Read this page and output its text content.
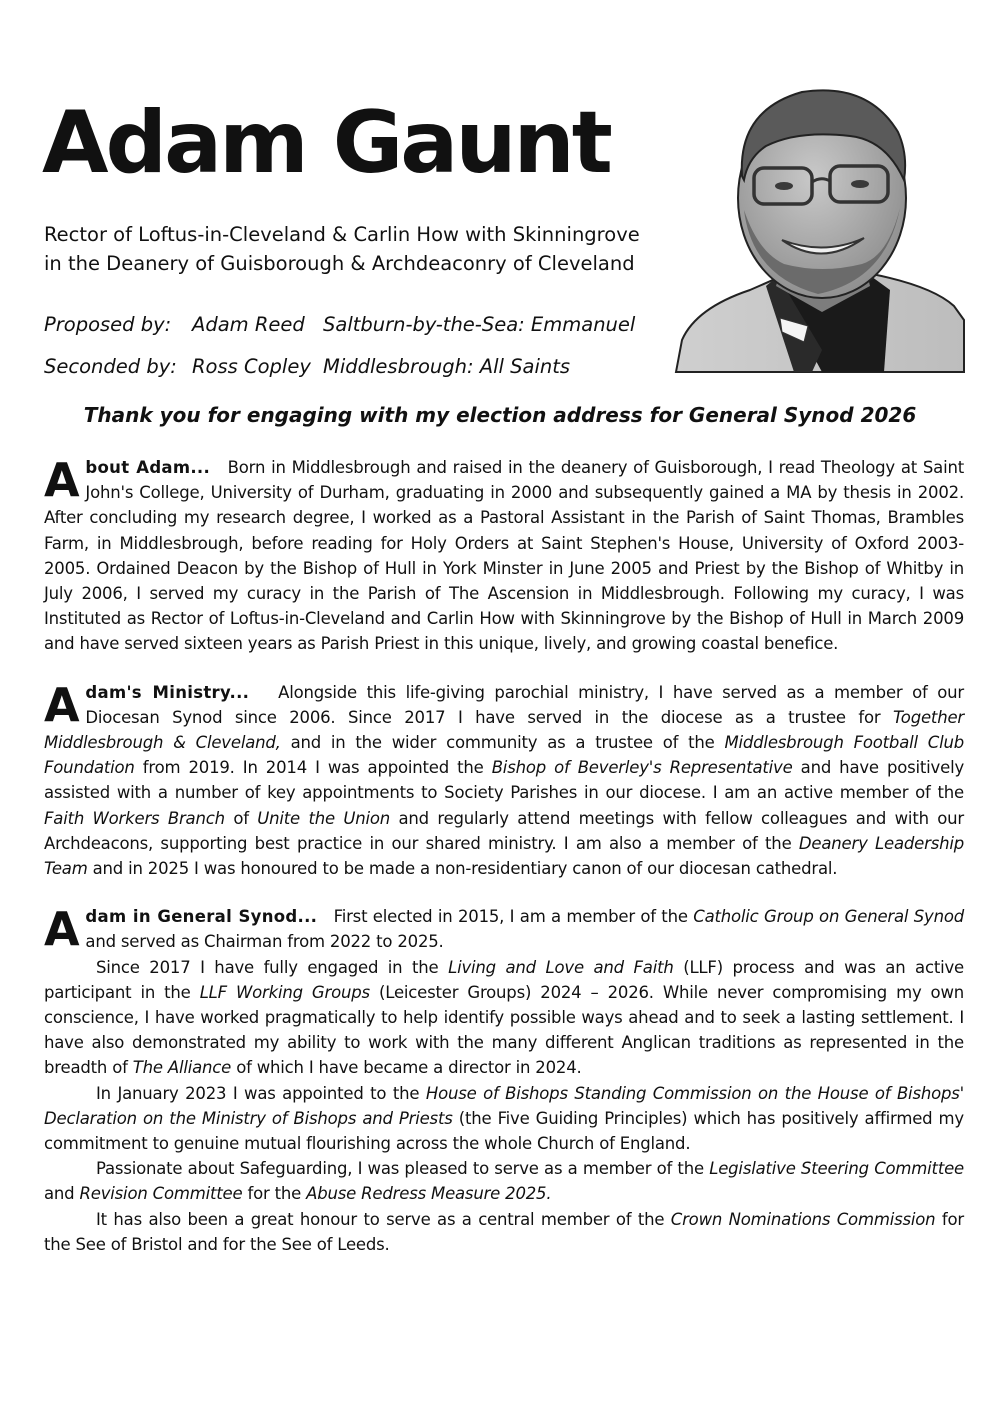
Adam Gaunt
Rector of Loftus-in-Cleveland & Carlin How with Skinningrove
in the Deanery of Guisborough & Archdeaconry of Cleveland
Proposed by:	Adam Reed Saltburn-by-the-Sea: Emmanuel
Seconded by: Ross Copley Middlesbrough: All Saints
Thank you for engaging with my election address for General Synod 2026

About Adam... Born in Middlesbrough and raised in the deanery of Guisborough, I read Theology at Saint John's College, University of Durham, graduating in 2000 and subsequently gained a MA by thesis in 2002. After concluding my research degree, I worked as a Pastoral Assistant in the Parish of Saint Thomas, Brambles Farm, in Middlesbrough, before reading for Holy Orders at Saint Stephen's House, University of Oxford 2003-2005. Ordained Deacon by the Bishop of Hull in York Minster in June 2005 and Priest by the Bishop of Whitby in July 2006, I served my curacy in the Parish of The Ascension in Middlesbrough. Following my curacy, I was Instituted as Rector of Loftus-in-Cleveland and Carlin How with Skinningrove by the Bishop of Hull in March 2009 and have served sixteen years as Parish Priest in this unique, lively, and growing coastal benefice.

Adam's Ministry... Alongside this life-giving parochial ministry, I have served as a member of our Diocesan Synod since 2006. Since 2017 I have served in the diocese as a trustee for Together Middlesbrough & Cleveland, and in the wider community as a trustee of the Middlesbrough Football Club Foundation from 2019. In 2014 I was appointed the Bishop of Beverley's Representative and have positively assisted with a number of key appointments to Society Parishes in our diocese. I am an active member of the Faith Workers Branch of Unite the Union and regularly attend meetings with fellow colleagues and with our Archdeacons, supporting best practice in our shared ministry. I am also a member of the Deanery Leadership Team and in 2025 I was honoured to be made a non-residentiary canon of our diocesan cathedral.

Adam in General Synod... First elected in 2015, I am a member of the Catholic Group on General Synod and served as Chairman from 2022 to 2025.
Since 2017 I have fully engaged in the Living and Love and Faith (LLF) process and was an active participant in the LLF Working Groups (Leicester Groups) 2024 – 2026. While never compromising my own conscience, I have worked pragmatically to help identify possible ways ahead and to seek a lasting settlement. I have also demonstrated my ability to work with the many different Anglican traditions as represented in the breadth of The Alliance of which I have became a director in 2024.
In January 2023 I was appointed to the House of Bishops Standing Commission on the House of Bishops' Declaration on the Ministry of Bishops and Priests (the Five Guiding Principles) which has positively affirmed my commitment to genuine mutual flourishing across the whole Church of England.
Passionate about Safeguarding, I was pleased to serve as a member of the Legislative Steering Committee and Revision Committee for the Abuse Redress Measure 2025.
It has also been a great honour to serve as a central member of the Crown Nominations Commission for the See of Bristol and for the See of Leeds.
